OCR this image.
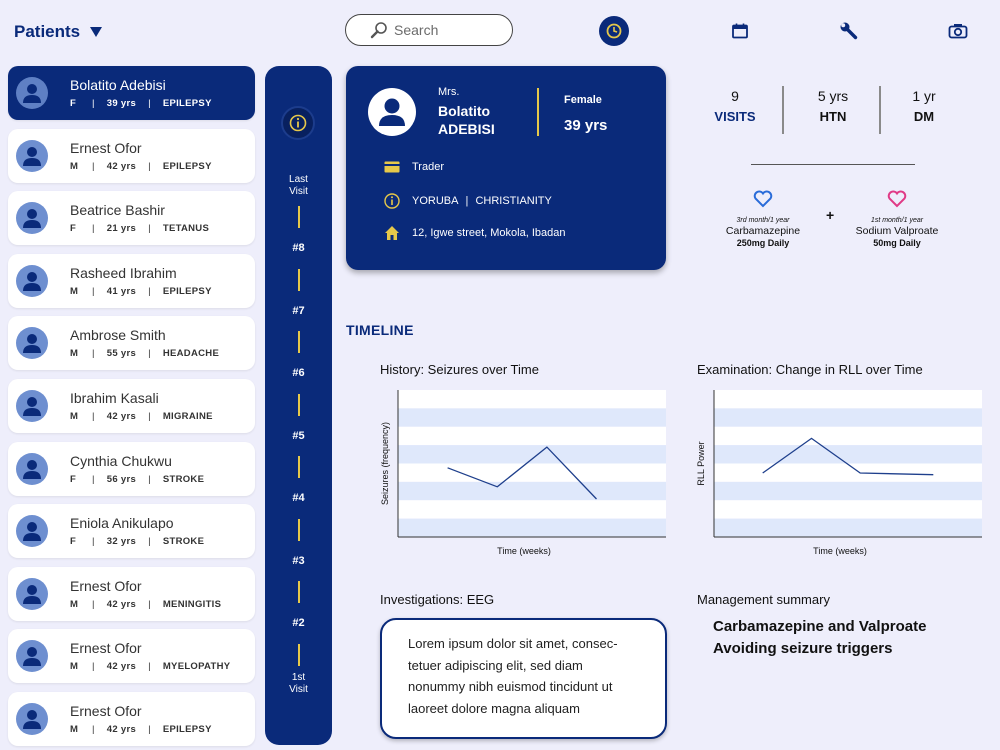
Patients
Search
Bolatito Adebisi
F | 39 yrs | EPILEPSY
Ernest Ofor
M | 42 yrs | EPILEPSY
Beatrice Bashir
F | 21 yrs | TETANUS
Rasheed Ibrahim
M | 41 yrs | EPILEPSY
Ambrose Smith
M | 55 yrs | HEADACHE
Ibrahim Kasali
M | 42 yrs | MIGRAINE
Cynthia Chukwu
F | 56 yrs | STROKE
Eniola Anikulapo
F | 32 yrs | STROKE
Ernest Ofor
M | 42 yrs | MENINGITIS
Ernest Ofor
M | 42 yrs | MYELOPATHY
Ernest Ofor
M | 42 yrs | EPILEPSY
Last
Visit
1st
Visit
#8
#7
#6
#5
#4
#3
#2
Mrs.
Bolatito
ADEBISI
Female
39 yrs
Trader
YORUBA | CHRISTIANITY
12, Igwe street, Mokola, Ibadan
9
VISITS
5 yrs
HTN
1 yr
DM
3rd month/1 year
Carbamazepine
250mg Daily
+	1st month/1 year
Sodium Valproate
50mg Daily
TIMELINE
History: Seizures over Time
Time (weeks)
Seizures (frequency)
Examination: Change in RLL over Time
Time (weeks)
RLL Power
Investigations: EEG
Lorem ipsum dolor sit amet, consec-
tetuer adipiscing elit, sed diam
nonummy nibh euismod tincidunt ut
laoreet dolore magna aliquam
Management summary
Carbamazepine and Valproate
Avoiding seizure triggers
